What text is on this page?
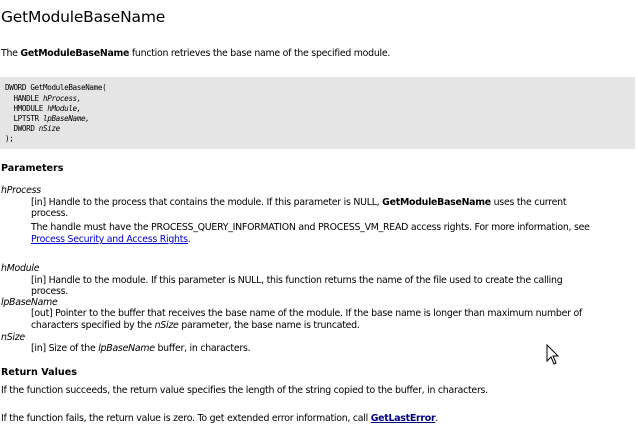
GetModuleBaseName
The GetModuleBaseName function retrieves the base name of the specified module.
DWORD GetModuleBaseName(
HANDLE hProcess,
HMODULE hModule,
LPTSTR lpBaseName,
DWORD nSize
);
Parameters
hProcess
[in] Handle to the process that contains the module. If this parameter is NULL, GetModuleBaseName uses the current
process.
The handle must have the PROCESS_QUERY_INFORMATION and PROCESS_VM_READ access rights. For more information, see
Process Security and Access Rights.
hModule
[in] Handle to the module. If this parameter is NULL, this function returns the name of the file used to create the calling
process.
lpBaseName
[out] Pointer to the buffer that receives the base name of the module. If the base name is longer than maximum number of
characters specified by the nSize parameter, the base name is truncated.
nSize
[in] Size of the lpBaseName buffer, in characters.
Return Values
If the function succeeds, the return value specifies the length of the string copied to the buffer, in characters.
If the function fails, the return value is zero. To get extended error information, call GetLastError.
